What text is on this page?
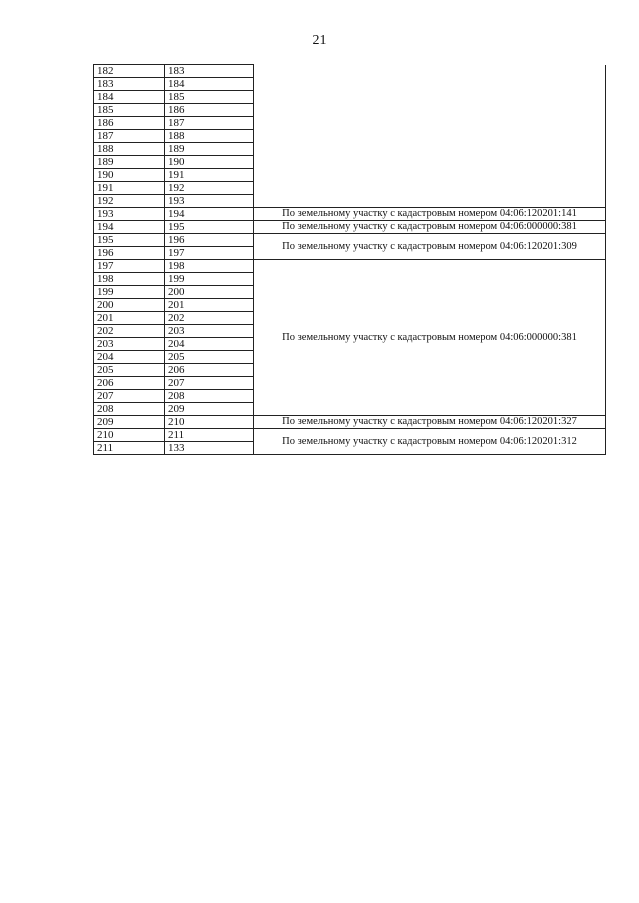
21
182	183	
183	184	
184	185	
185	186	
186	187	
187	188	
188	189	
189	190	
190	191	
191	192	
192	193	
193	194	По земельному участку с кадастровым номером 04:06:120201:141
194	195	По земельному участку с кадастровым номером 04:06:000000:381
195	196	По земельному участку с кадастровым номером 04:06:120201:309
196	197	
197	198	По земельному участку с кадастровым номером 04:06:000000:381
198	199	
199	200	
200	201	
201	202	
202	203	
203	204	
204	205	
205	206	
206	207	
207	208	
208	209	
209	210	По земельному участку с кадастровым номером 04:06:120201:327
210	211	По земельному участку с кадастровым номером 04:06:120201:312
211	133	
